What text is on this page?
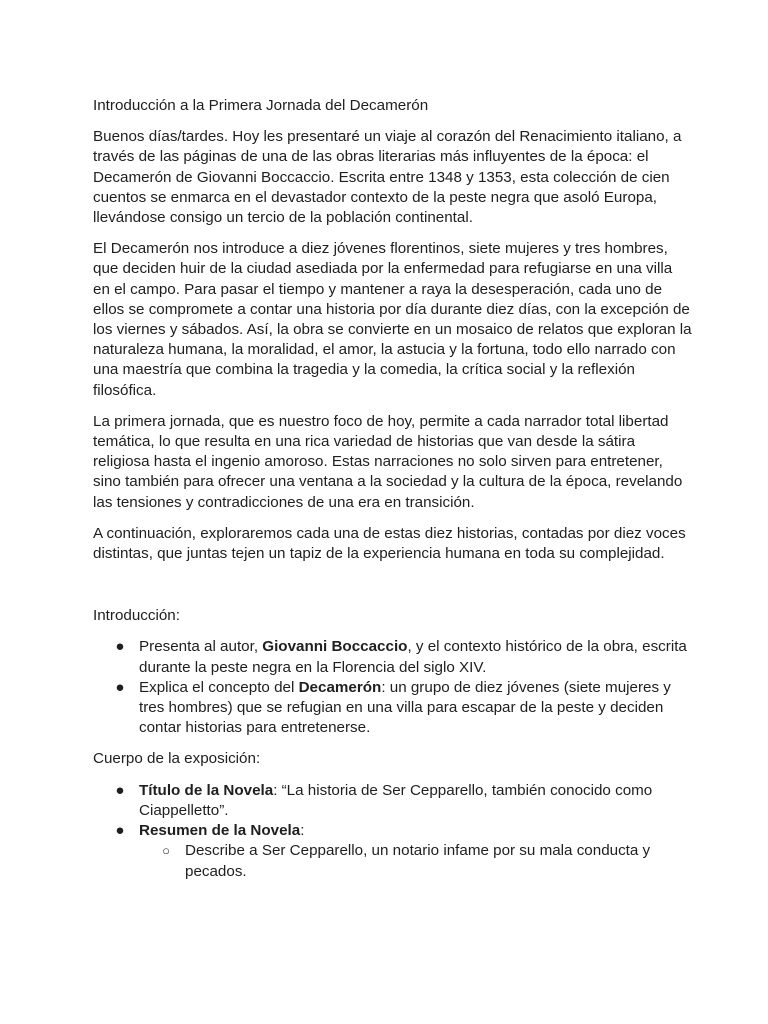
Introducción a la Primera Jornada del Decamerón

Buenos días/tardes. Hoy les presentaré un viaje al corazón del Renacimiento italiano, a través de las páginas de una de las obras literarias más influyentes de la época: el Decamerón de Giovanni Boccaccio. Escrita entre 1348 y 1353, esta colección de cien cuentos se enmarca en el devastador contexto de la peste negra que asoló Europa, llevándose consigo un tercio de la población continental.

El Decamerón nos introduce a diez jóvenes florentinos, siete mujeres y tres hombres, que deciden huir de la ciudad asediada por la enfermedad para refugiarse en una villa en el campo. Para pasar el tiempo y mantener a raya la desesperación, cada uno de ellos se compromete a contar una historia por día durante diez días, con la excepción de los viernes y sábados. Así, la obra se convierte en un mosaico de relatos que exploran la naturaleza humana, la moralidad, el amor, la astucia y la fortuna, todo ello narrado con una maestría que combina la tragedia y la comedia, la crítica social y la reflexión filosófica.

La primera jornada, que es nuestro foco de hoy, permite a cada narrador total libertad temática, lo que resulta en una rica variedad de historias que van desde la sátira religiosa hasta el ingenio amoroso. Estas narraciones no solo sirven para entretener, sino también para ofrecer una ventana a la sociedad y la cultura de la época, revelando las tensiones y contradicciones de una era en transición.

A continuación, exploraremos cada una de estas diez historias, contadas por diez voces distintas, que juntas tejen un tapiz de la experiencia humana en toda su complejidad.

Introducción:

● Presenta al autor, Giovanni Boccaccio, y el contexto histórico de la obra, escrita durante la peste negra en la Florencia del siglo XIV.
● Explica el concepto del Decamerón: un grupo de diez jóvenes (siete mujeres y tres hombres) que se refugian en una villa para escapar de la peste y deciden contar historias para entretenerse.

Cuerpo de la exposición:

● Título de la Novela: “La historia de Ser Cepparello, también conocido como Ciappelletto”.
● Resumen de la Novela:
○ Describe a Ser Cepparello, un notario infame por su mala conducta y pecados.
